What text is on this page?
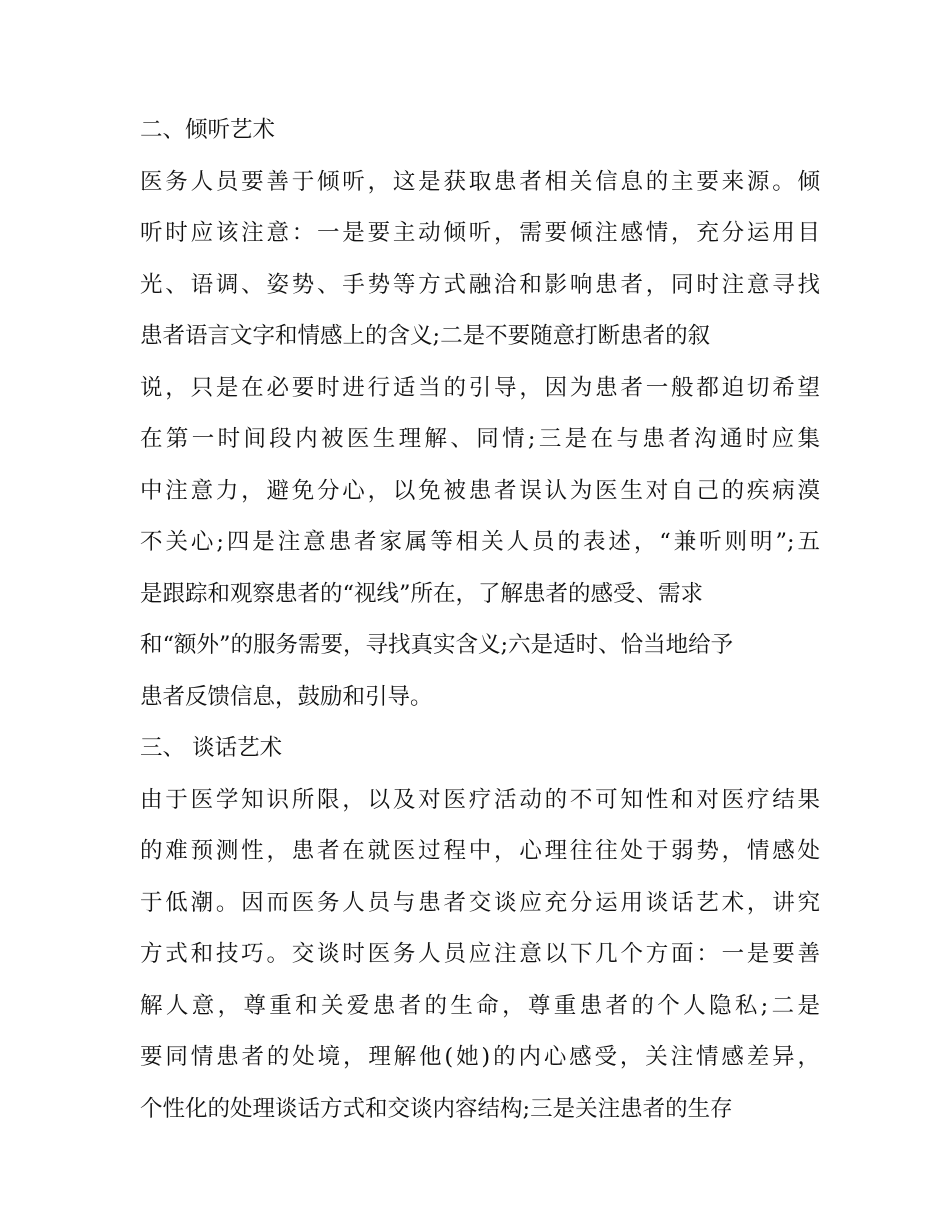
二、倾听艺术
医务人员要善于倾听，这是获取患者相关信息的主要来源。倾
听时应该注意：一是要主动倾听，需要倾注感情，充分运用目
光、语调、姿势、手势等方式融洽和影响患者，同时注意寻找
患者语言文字和情感上的含义;二是不要随意打断患者的叙
说，只是在必要时进行适当的引导，因为患者一般都迫切希望
在第一时间段内被医生理解、同情;三是在与患者沟通时应集
中注意力，避免分心，以免被患者误认为医生对自己的疾病漠
不关心;四是注意患者家属等相关人员的表述，“兼听则明”;五
是跟踪和观察患者的“视线”所在，了解患者的感受、需求
和“额外”的服务需要，寻找真实含义;六是适时、恰当地给予
患者反馈信息，鼓励和引导。
三、 谈话艺术
由于医学知识所限，以及对医疗活动的不可知性和对医疗结果
的难预测性，患者在就医过程中，心理往往处于弱势，情感处
于低潮。因而医务人员与患者交谈应充分运用谈话艺术，讲究
方式和技巧。交谈时医务人员应注意以下几个方面：一是要善
解人意，尊重和关爱患者的生命，尊重患者的个人隐私;二是
要同情患者的处境，理解他(她)的内心感受，关注情感差异，
个性化的处理谈话方式和交谈内容结构;三是关注患者的生存
